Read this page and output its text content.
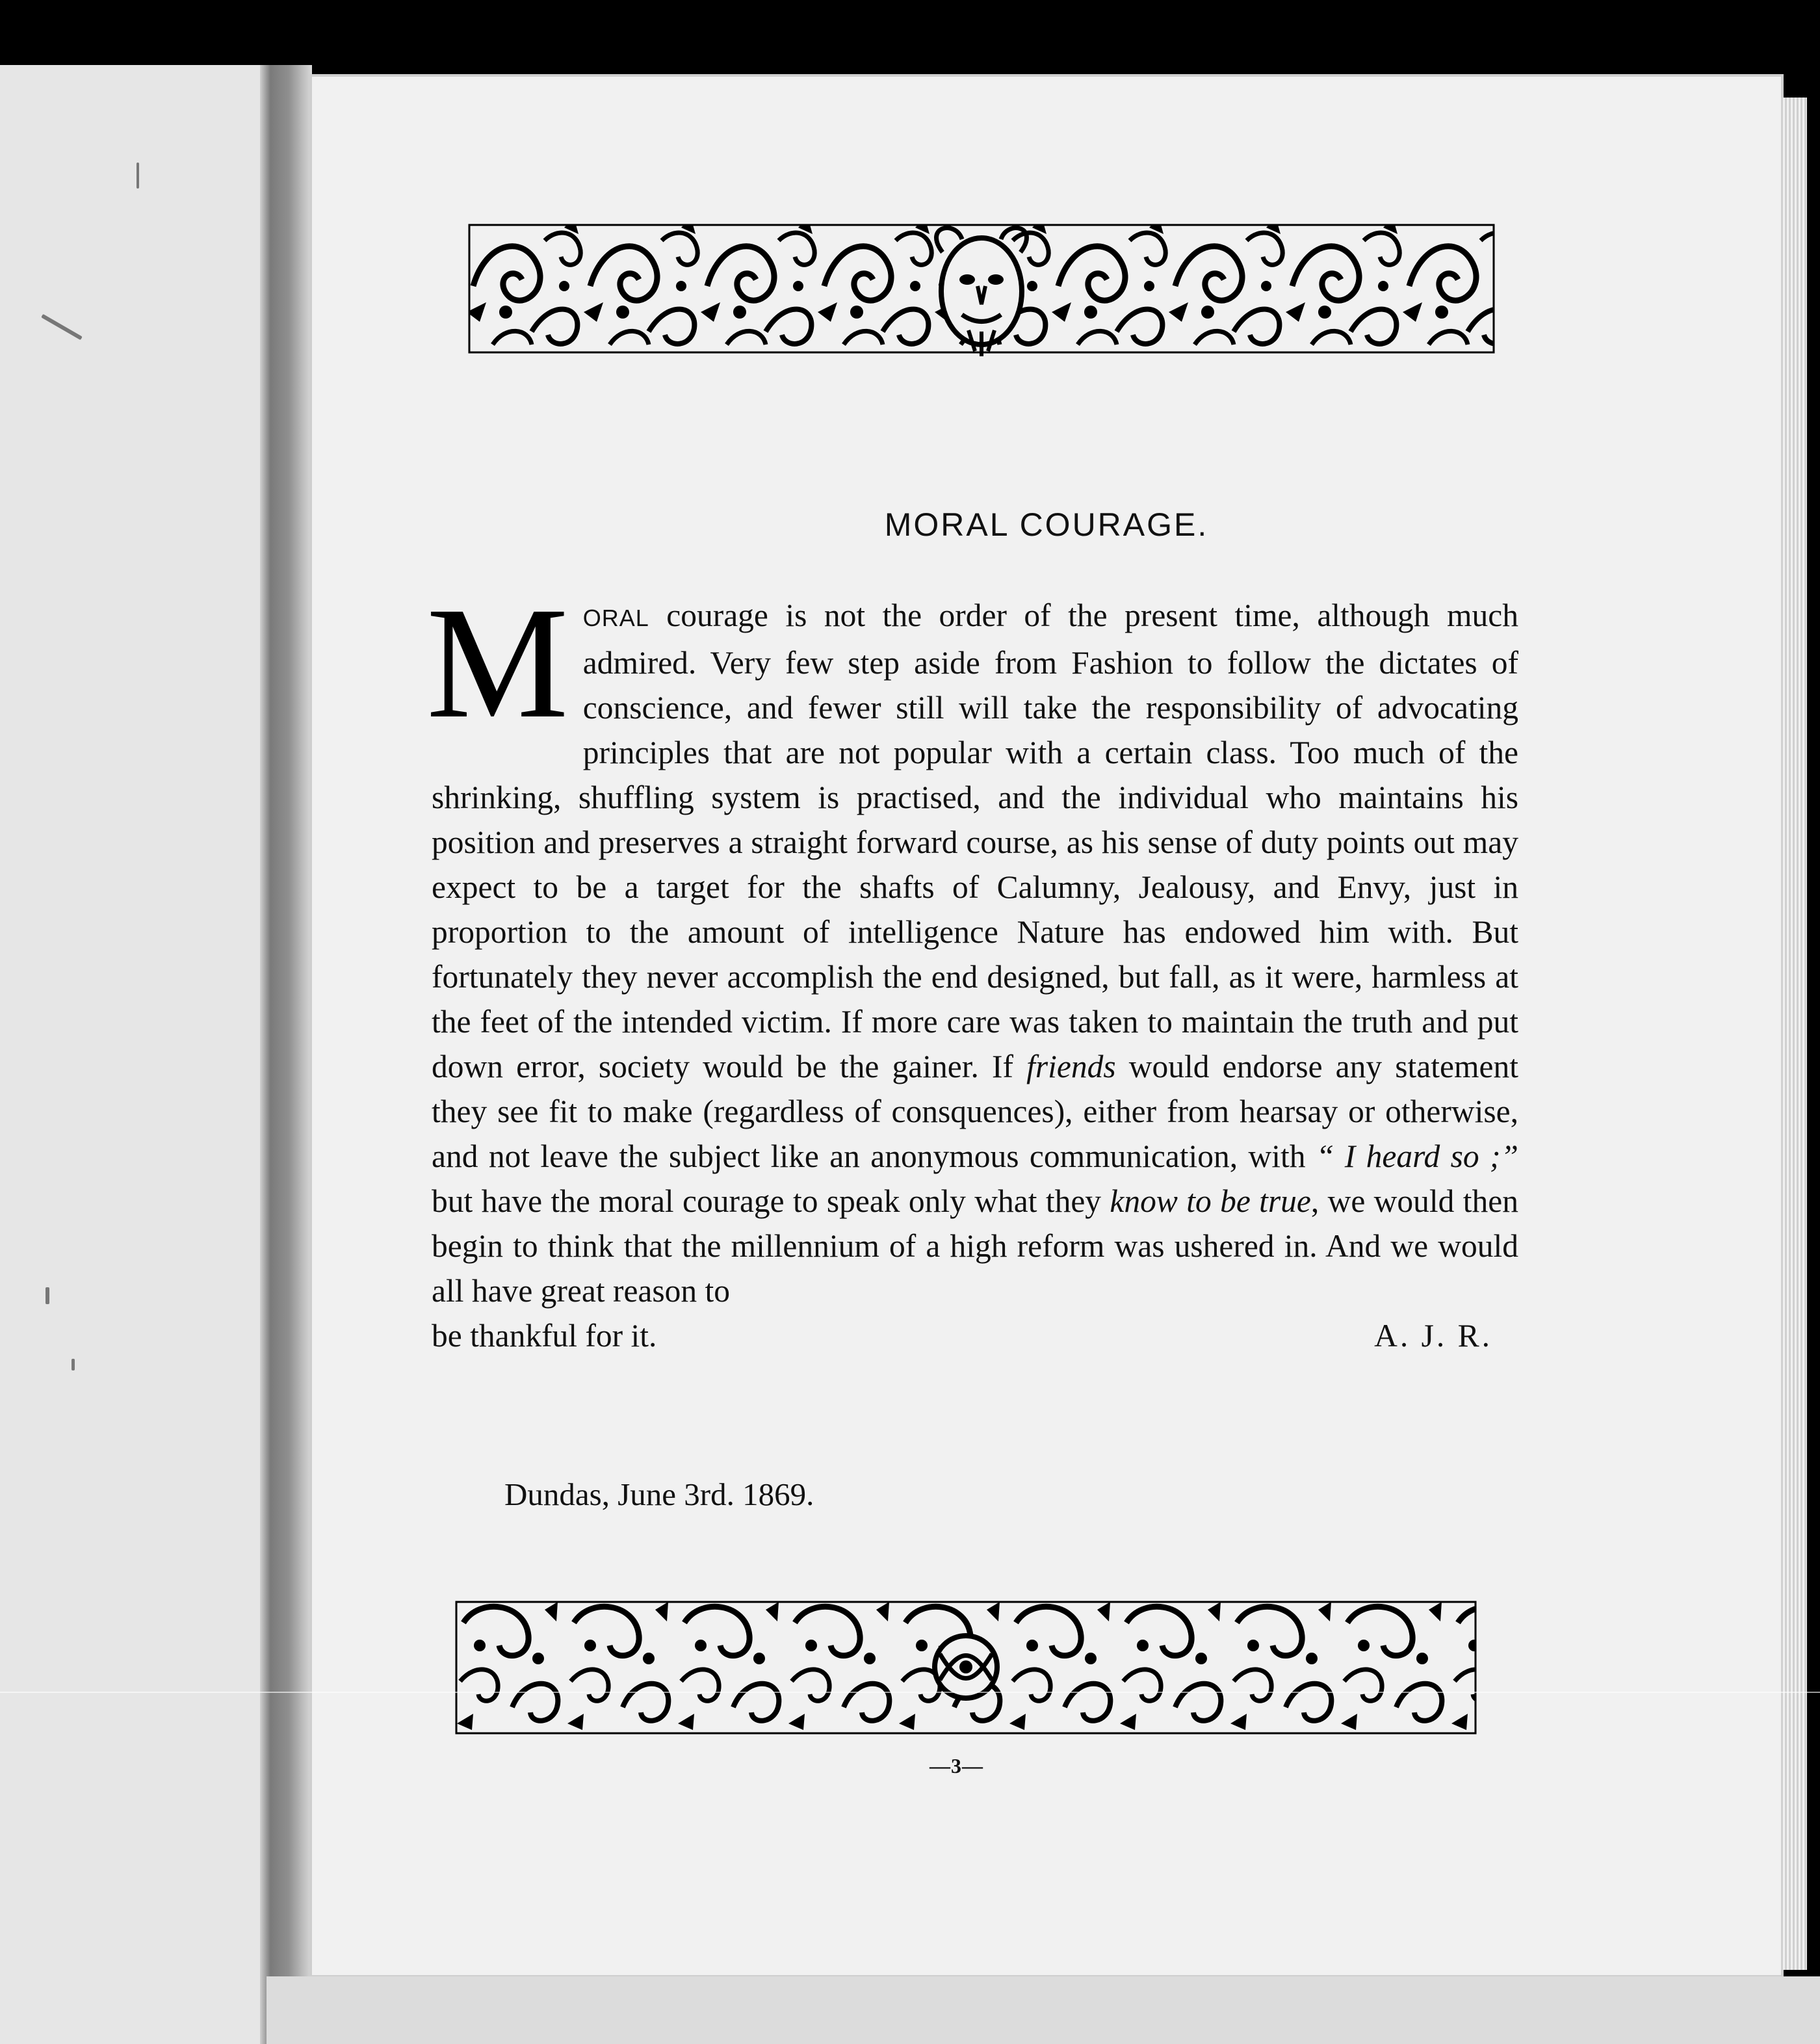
MORAL COURAGE.
MORAL courage is not the order of the present time, although much admired. Very few step aside from Fashion to follow the dictates of conscience, and fewer still will take the responsibility of advocating principles that are not popular with a certain class. Too much of the shrinking, shuffling system is practised, and the individual who maintains his position and preserves a straight forward course, as his sense of duty points out may expect to be a target for the shafts of Calumny, Jealousy, and Envy, just in proportion to the amount of intelligence Nature has endowed him with. But fortunately they never accomplish the end designed, but fall, as it were, harmless at the feet of the intended victim. If more care was taken to maintain the truth and put down error, society would be the gainer. If friends would endorse any statement they see fit to make (regardless of consquences), either from hearsay or otherwise, and not leave the subject like an anonymous communication, with “ I heard so ;” but have the moral courage to speak only what they know to be true, we would then begin to think that the millennium of a high reform was ushered in. And we would all have great reason to
be thankful for it.	A. J. R.

Dundas, June 3rd. 1869.

—3—
